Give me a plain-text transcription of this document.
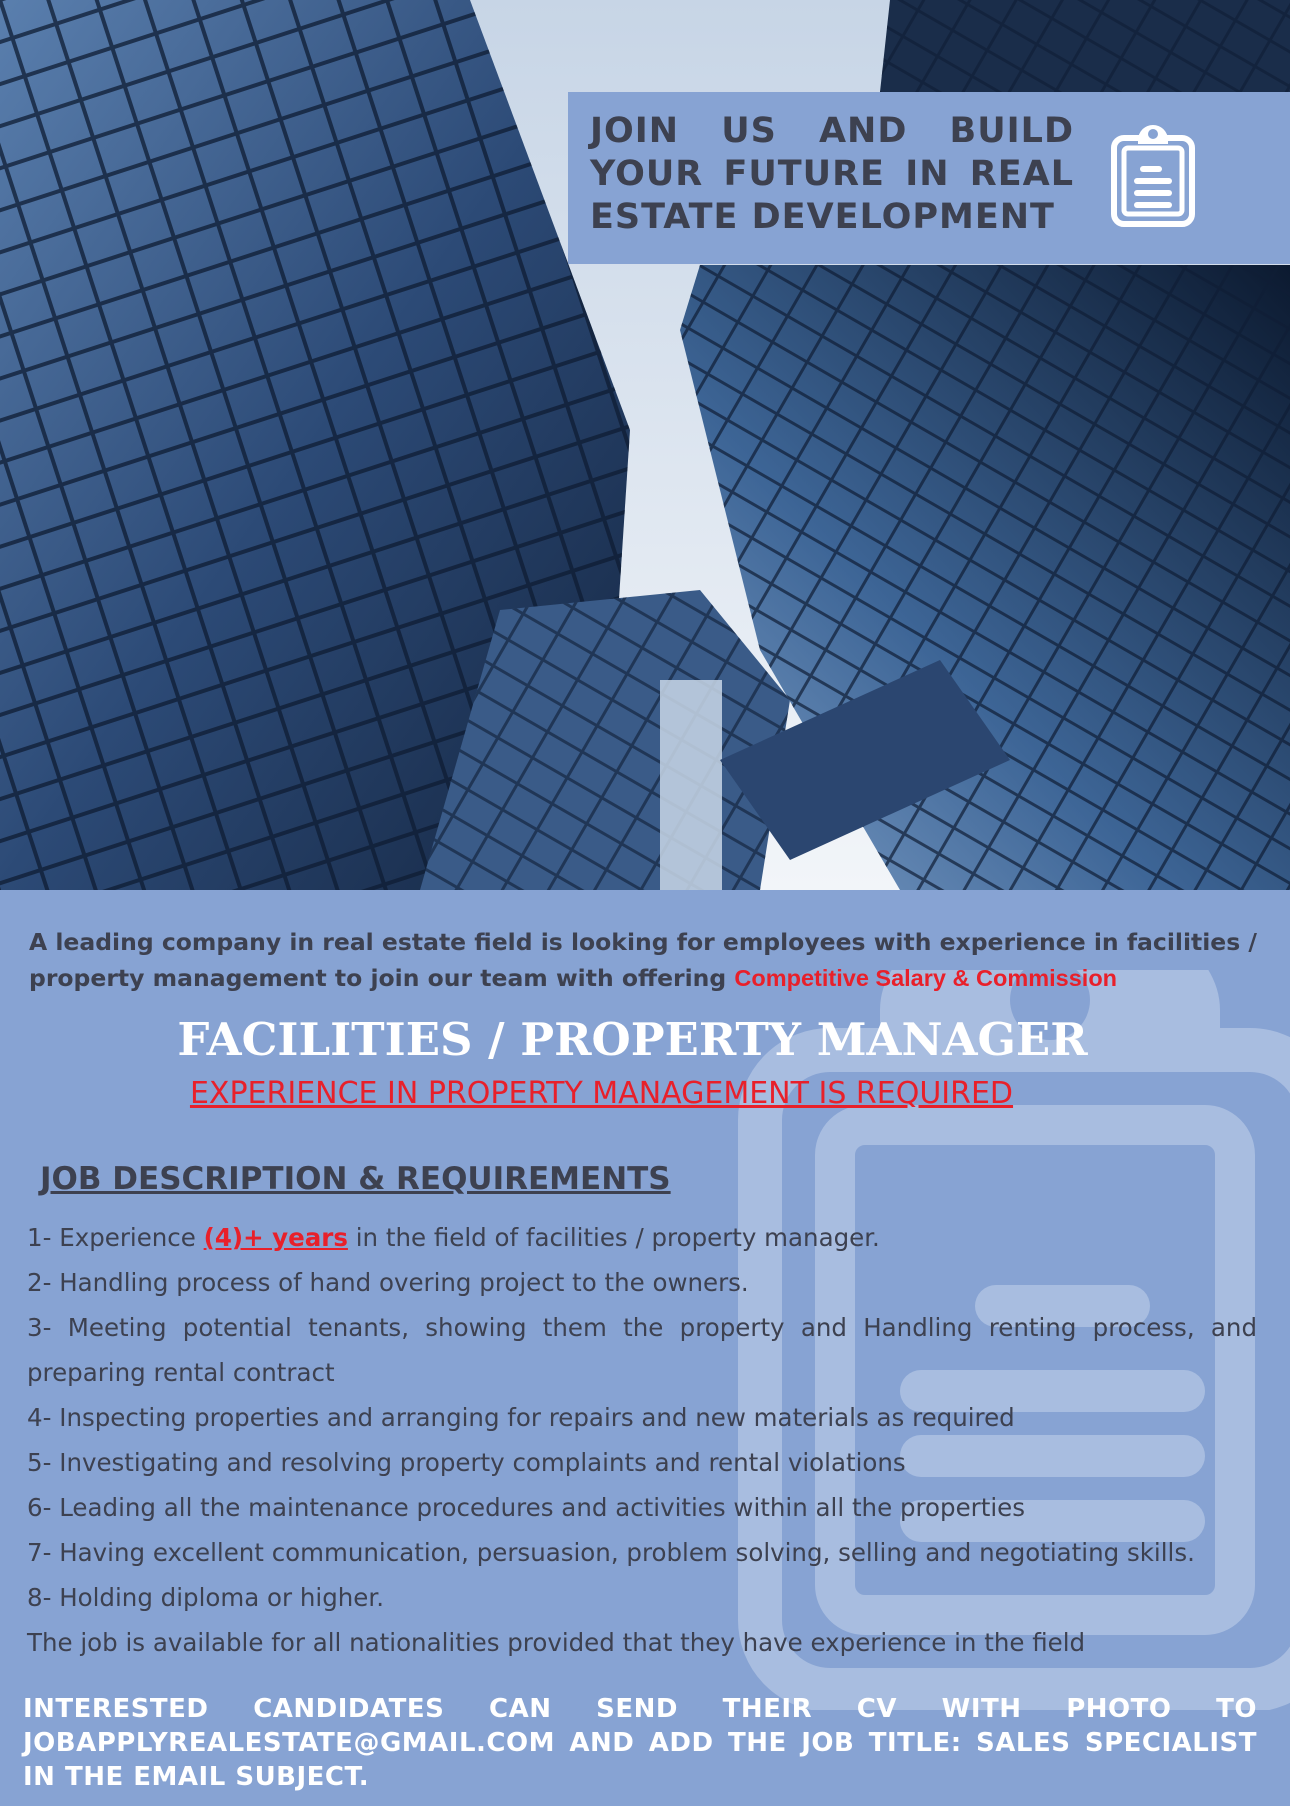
JOIN US AND BUILD YOUR FUTURE IN REAL ESTATE DEVELOPMENT
A leading company in real estate field is looking for employees with experience in facilities / property management to join our team with offering Competitive Salary & Commission
FACILITIES / PROPERTY MANAGER
EXPERIENCE IN PROPERTY MANAGEMENT IS REQUIRED
JOB DESCRIPTION & REQUIREMENTS
1- Experience (4)+ years in the field of facilities / property manager.
2- Handling process of hand overing project to the owners.
3- Meeting potential tenants, showing them the property and Handling renting process, and preparing rental contract
4- Inspecting properties and arranging for repairs and new materials as required
5- Investigating and resolving property complaints and rental violations
6- Leading all the maintenance procedures and activities within all the properties
7- Having excellent communication, persuasion, problem solving, selling and negotiating skills.
8- Holding diploma or higher.
The job is available for all nationalities provided that they have experience in the field
INTERESTED CANDIDATES CAN SEND THEIR CV WITH PHOTO TO JOBAPPLYREALESTATE@GMAIL.COM AND ADD THE JOB TITLE: SALES SPECIALIST IN THE EMAIL SUBJECT.
